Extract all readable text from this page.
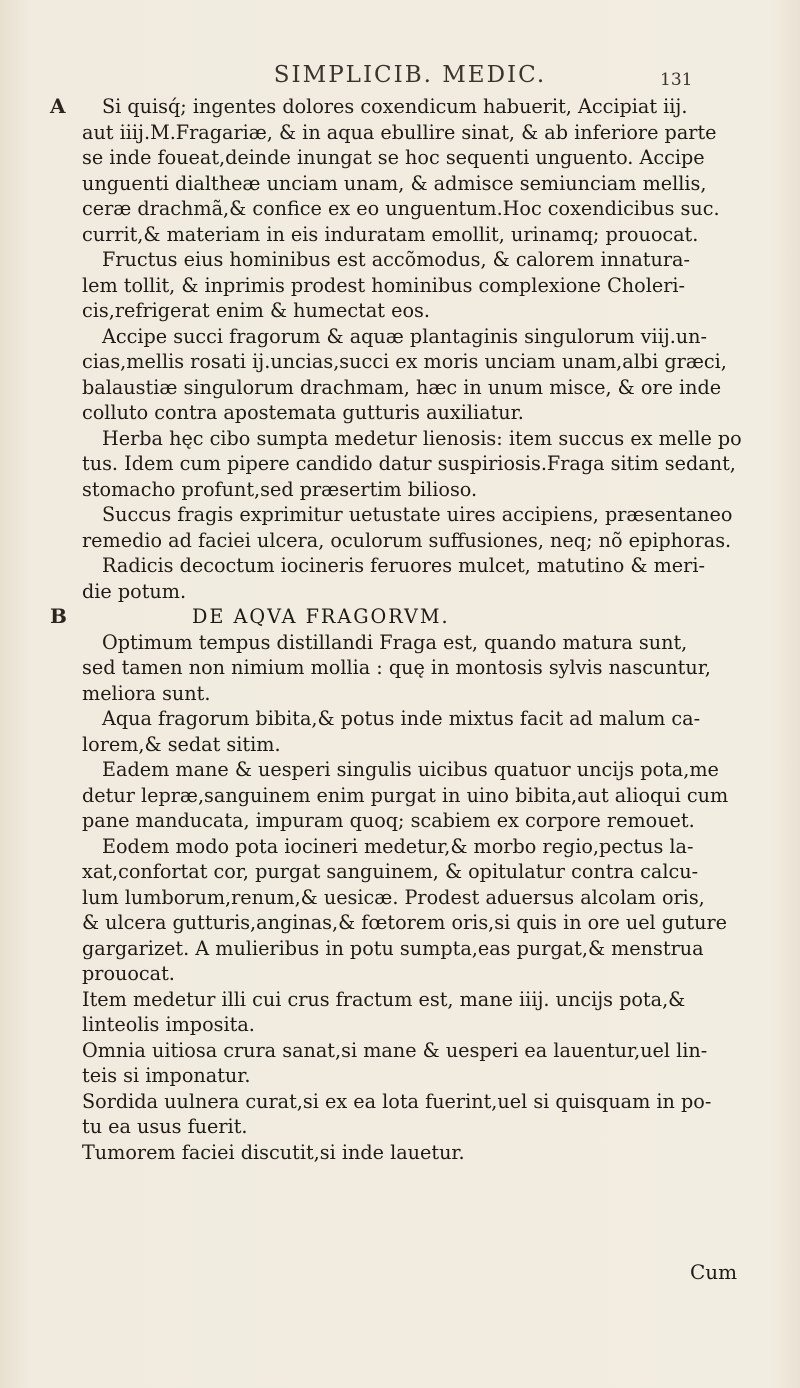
SIMPLICIB. MEDIC.	131
A
B
Si quisq́; ingentes dolores coxendicum habuerit, Accipiat iij.
aut iiij.M.Fragariæ, & in aqua ebullire sinat, & ab inferiore parte
se inde foueat,deinde inungat se hoc sequenti unguento. Accipe
unguenti dialtheæ unciam unam, & admisce semiunciam mellis,
ceræ drachmã,& confice ex eo unguentum.Hoc coxendicibus suc.
currit,& materiam in eis induratam emollit, urinamq; prouocat.
Fructus eius hominibus est accõmodus, & calorem innatura-
lem tollit, & inprimis prodest hominibus complexione Choleri-
cis,refrigerat enim & humectat eos.
Accipe succi fragorum & aquæ plantaginis singulorum viij.un-
cias,mellis rosati ij.uncias,succi ex moris unciam unam,albi græci,
balaustiæ singulorum drachmam, hæc in unum misce, & ore inde
colluto contra apostemata gutturis auxiliatur.
Herba hęc cibo sumpta medetur lienosis: item succus ex melle po
tus. Idem cum pipere candido datur suspiriosis.Fraga sitim sedant,
stomacho profunt,sed præsertim bilioso.
Succus fragis exprimitur uetustate uires accipiens, præsentaneo
remedio ad faciei ulcera, oculorum suffusiones, neq; nõ epiphoras.
Radicis decoctum iocineris feruores mulcet, matutino & meri-
die potum.
DE AQVA FRAGORVM.
Optimum tempus distillandi Fraga est, quando matura sunt,
sed tamen non nimium mollia : quę in montosis sylvis nascuntur,
meliora sunt.
Aqua fragorum bibita,& potus inde mixtus facit ad malum ca-
lorem,& sedat sitim.
Eadem mane & uesperi singulis uicibus quatuor uncijs pota,me
detur lepræ,sanguinem enim purgat in uino bibita,aut alioqui cum
pane manducata, impuram quoq; scabiem ex corpore remouet.
Eodem modo pota iocineri medetur,& morbo regio,pectus la-
xat,confortat cor, purgat sanguinem, & opitulatur contra calcu-
lum lumborum,renum,& uesicæ. Prodest aduersus alcolam oris,
& ulcera gutturis,anginas,& fœtorem oris,si quis in ore uel guture
gargarizet. A mulieribus in potu sumpta,eas purgat,& menstrua
prouocat.
Item medetur illi cui crus fractum est, mane iiij. uncijs pota,&
linteolis imposita.
Omnia uitiosa crura sanat,si mane & uesperi ea lauentur,uel lin-
teis si imponatur.
Sordida uulnera curat,si ex ea lota fuerint,uel si quisquam in po-
tu ea usus fuerit.
Tumorem faciei discutit,si inde lauetur.
Cum
